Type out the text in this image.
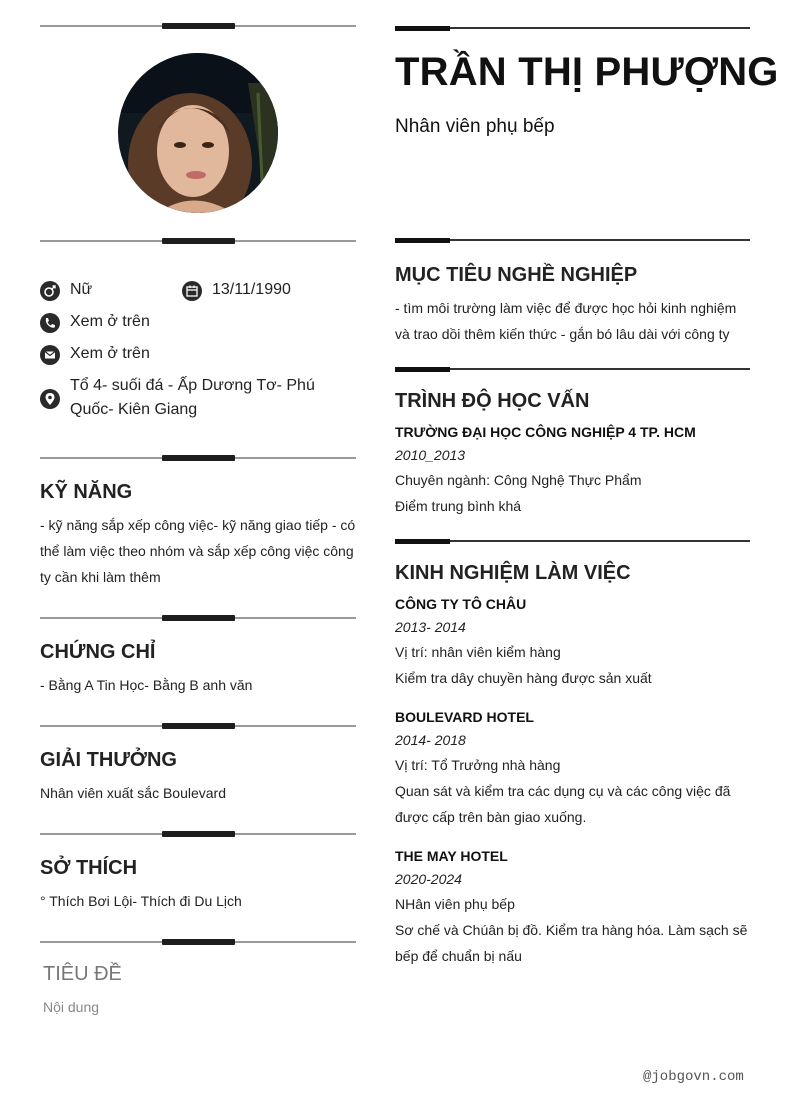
Nữ	13/11/1990
Xem ở trên
Xem ở trên
Tổ 4- suối đá - Ấp Dương Tơ- Phú Quốc- Kiên Giang
KỸ NĂNG
- kỹ năng sắp xếp công việc- kỹ năng giao tiếp - có thể làm việc theo nhóm và sắp xếp công việc công ty cần khi làm thêm
CHỨNG CHỈ
- Bằng A Tin Học- Bằng B anh văn
GIẢI THƯỞNG
Nhân viên xuất sắc Boulevard
SỞ THÍCH
° Thích Bơi Lội- Thích đi Du Lịch
TIÊU ĐỀ
Nội dung
TRẦN THỊ PHƯỢNG
Nhân viên phụ bếp
MỤC TIÊU NGHỀ NGHIỆP
- tìm môi trường làm việc để được học hỏi kinh nghiệm và trao dồi thêm kiến thức - gắn bó lâu dài với công ty
TRÌNH ĐỘ HỌC VẤN
TRƯỜNG ĐẠI HỌC CÔNG NGHIỆP 4 TP. HCM
2010_2013
Chuyên ngành: Công Nghệ Thực Phẩm
Điểm trung bình khá
KINH NGHIỆM LÀM VIỆC
CÔNG TY TÔ CHÂU
2013- 2014
Vị trí: nhân viên kiểm hàng
Kiểm tra dây chuyền hàng được sản xuất
BOULEVARD HOTEL
2014- 2018
Vị trí: Tổ Trưởng nhà hàng
Quan sát và kiểm tra các dụng cụ và các công việc đã được cấp trên bàn giao xuống.
THE MAY HOTEL
2020-2024
NHân viên phụ bếp
Sơ chế và Chúân bị đồ. Kiểm tra hàng hóa. Làm sạch sẽ bếp để chuẩn bị nấu
@jobgovn.com
